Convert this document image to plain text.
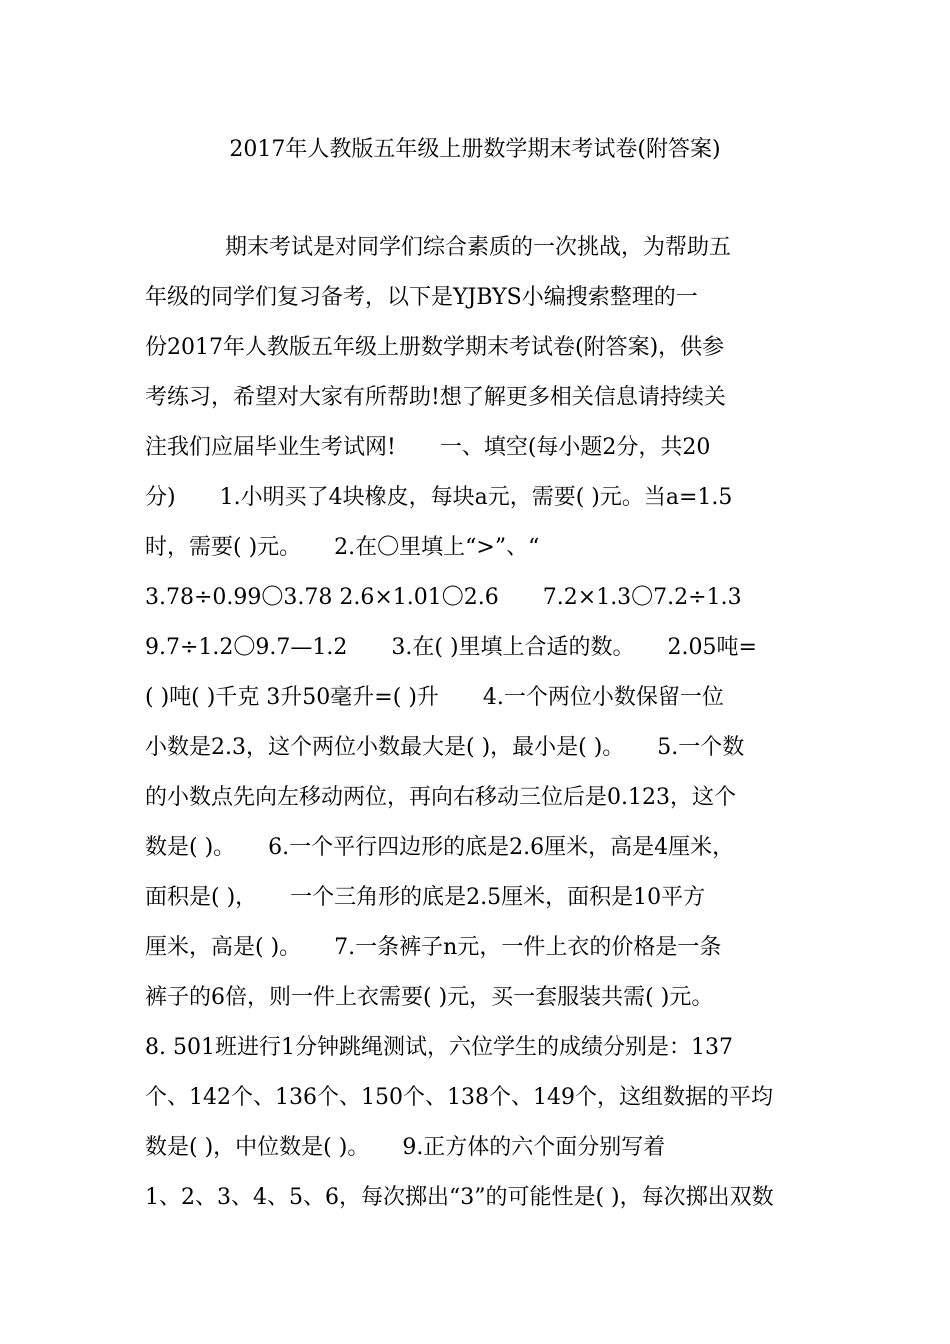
2017年人教版五年级上册数学期末考试卷(附答案)
期末考试是对同学们综合素质的一次挑战，为帮助五
年级的同学们复习备考，以下是YJBYS小编搜索整理的一
份2017年人教版五年级上册数学期末考试卷(附答案)，供参
考练习，希望对大家有所帮助!想了解更多相关信息请持续关
注我们应届毕业生考试网!　　一、填空(每小题2分，共20
分)　　1.小明买了4块橡皮，每块a元，需要( )元。当a=1.5
时，需要( )元。　　2.在〇里填上“>”、“
3.78÷0.99〇3.78 2.6×1.01〇2.6　　7.2×1.3〇7.2÷1.3
9.7÷1.2〇9.7—1.2　　3.在( )里填上合适的数。　　2.05吨=
( )吨( )千克 3升50毫升=( )升　　4.一个两位小数保留一位
小数是2.3，这个两位小数最大是( )，最小是( )。　　5.一个数
的小数点先向左移动两位，再向右移动三位后是0.123，这个
数是( )。　　6.一个平行四边形的底是2.6厘米，高是4厘米，
面积是( )，　　一个三角形的底是2.5厘米，面积是10平方
厘米，高是( )。　　7.一条裤子n元，一件上衣的价格是一条
裤子的6倍，则一件上衣需要( )元，买一套服装共需( )元。
8. 501班进行1分钟跳绳测试，六位学生的成绩分别是：137
个、142个、136个、150个、138个、149个，这组数据的平均
数是( )，中位数是( )。　　9.正方体的六个面分别写着
1、2、3、4、5、6，每次掷出“3”的可能性是( )，每次掷出双数
